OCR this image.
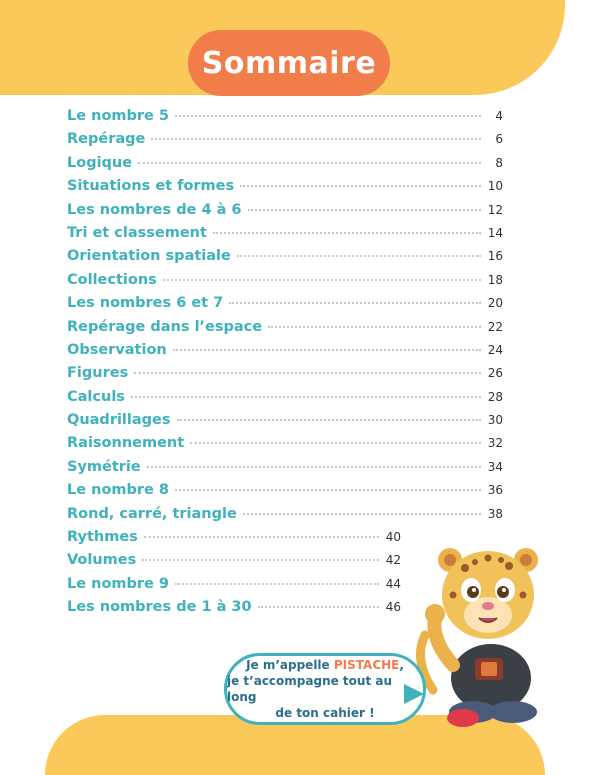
Sommaire
Le nombre 5	4
Repérage	6
Logique	8
Situations et formes	10
Les nombres de 4 à 6	12
Tri et classement	14
Orientation spatiale	16
Collections	18
Les nombres 6 et 7	20
Repérage dans l’espace	22
Observation	24
Figures	26
Calculs	28
Quadrillages	30
Raisonnement	32
Symétrie	34
Le nombre 8	36
Rond, carré, triangle	38
Rythmes	40
Volumes	42
Le nombre 9	44
Les nombres de 1 à 30	46
Je m’appelle PISTACHE,
je t’accompagne tout au long
de ton cahier !
